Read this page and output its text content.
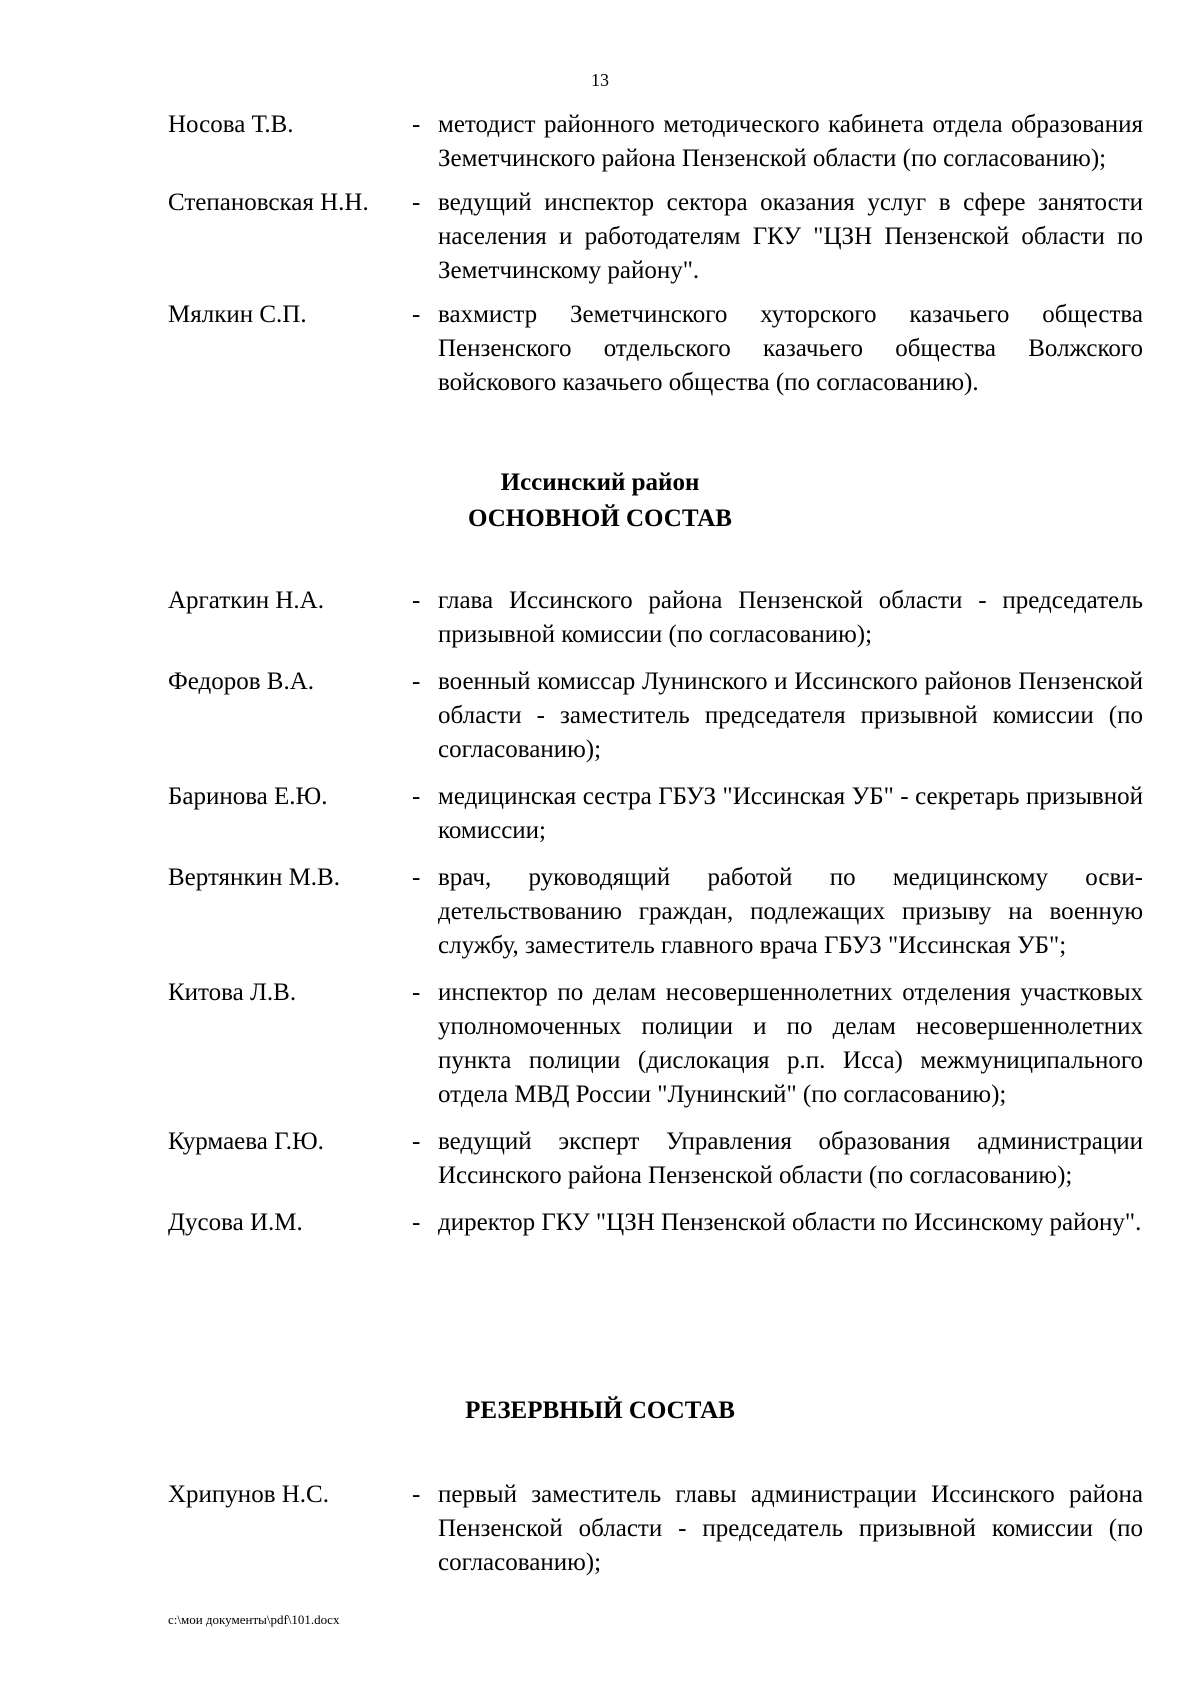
13
Носова Т.В.	- методист районного методического кабинета отдела образования Земетчинского района Пензенской области (по согласованию);
Степановская Н.Н.	- ведущий инспектор сектора оказания услуг в сфере занятости населения и работодателям ГКУ "ЦЗН Пензенской области по Земетчинскому району".
Мялкин С.П.	- вахмистр Земетчинского хуторского казачьего общества Пензенского отдельского казачьего общества Волжского войскового казачьего общества (по согласованию).
Иссинский район
ОСНОВНОЙ СОСТАВ
Аргаткин Н.А.	- глава Иссинского района Пензенской области - председатель призывной комиссии (по согласованию);
Федоров В.А.	- военный комиссар Лунинского и Иссинского районов Пензенской области - заместитель председателя призывной комиссии (по согласованию);
Баринова Е.Ю.	- медицинская сестра ГБУЗ "Иссинская УБ" - секретарь призывной комиссии;
Вертянкин М.В.	- врач, руководящий работой по медицинскому осви-детельствованию граждан, подлежащих призыву на военную службу, заместитель главного врача ГБУЗ "Иссинская УБ";
Китова Л.В.	- инспектор по делам несовершеннолетних отделения участковых уполномоченных полиции и по делам несовершеннолетних пункта полиции (дислокация р.п. Исса) межмуниципального отдела МВД России "Лунинский" (по согласованию);
Курмаева Г.Ю.	- ведущий эксперт Управления образования администрации Иссинского района Пензенской области (по согласованию);
Дусова И.М.	- директор ГКУ "ЦЗН Пензенской области по Иссинскому району".
РЕЗЕРВНЫЙ СОСТАВ
Хрипунов Н.С.	- первый заместитель главы администрации Иссинского района Пензенской области - председатель призывной комиссии (по согласованию);
c:\мои документы\pdf\101.docx
